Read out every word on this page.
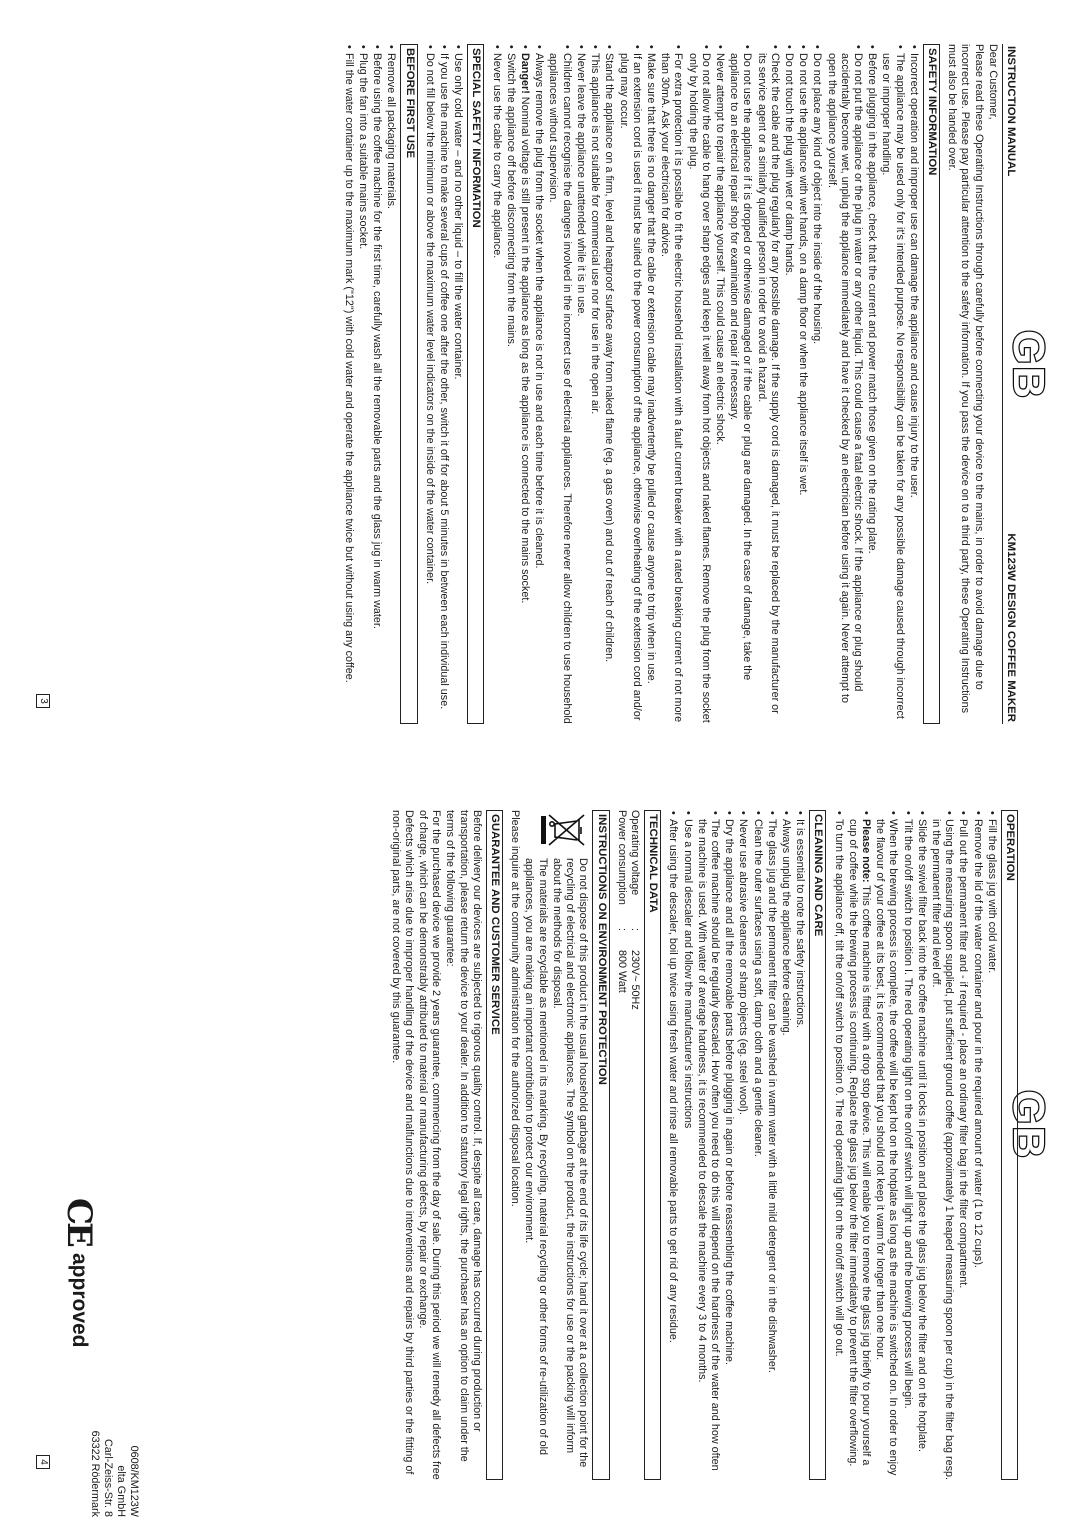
GB
GB
INSTRUCTION MANUAL
KM123W DESIGN COFFEE MAKER

Dear Customer,

Please read these Operating Instructions through carefully before connecting your device to the mains, in order to avoid damage due to incorrect use. Please pay particular attention to the safety information. If you pass the device on to a third party, these Operating Instructions must also be handed over.

SAFETY INFORMATION
• Incorrect operation and improper use can damage the appliance and cause injury to the user.
• The appliance may be used only for it's intended purpose. No responsibility can be taken for any possible damage caused through incorrect use or improper handling.
• Before plugging in the appliance, check that the current and power match those given on the rating plate.
• Do not put the appliance or the plug in water or any other liquid. This could cause a fatal electric shock. If the appliance or plug should accidentally become wet, unplug the appliance immediately and have it checked by an electrician before using it again. Never attempt to open the appliance yourself.
• Do not place any kind of object into the inside of the housing.
• Do not use the appliance with wet hands, on a damp floor or when the appliance itself is wet.
• Do not touch the plug with wet or damp hands.
• Check the cable and the plug regularly for any possible damage. If the supply cord is damaged, it must be replaced by the manufacturer or its service agent or a similarly qualified person in order to avoid a hazard.
• Do not use the appliance if it is dropped or otherwise damaged or if the cable or plug are damaged. In the case of damage, take the appliance to an electrical repair shop for examination and repair if necessary.
• Never attempt to repair the appliance yourself. This could cause an electric shock.
• Do not allow the cable to hang over sharp edges and keep it well away from hot objects and naked flames. Remove the plug from the socket only by holding the plug.
• For extra protection it is possible to fit the electric household installation with a fault current breaker with a rated breaking current of not more than 30mA. Ask your electrician for advice.
• Make sure that there is no danger that the cable or extension cable may inadvertently be pulled or cause anyone to trip when in use.
• If an extension cord is used it must be suited to the power consumption of the appliance, otherwise overheating of the extension cord and/or plug may occur.
• Stand the appliance on a firm, level and heatproof surface away from naked flame (eg. a gas oven) and out of reach of children.
• This appliance is not suitable for commercial use nor for use in the open air.
• Never leave the appliance unattended while it is in use.
• Children cannot recognise the dangers involved in the incorrect use of electrical appliances. Therefore never allow children to use household appliances without supervision.
• Always remove the plug from the socket when the appliance is not in use and each time before it is cleaned.
• Danger! Nominal voltage is still present in the appliance as long as the appliance is connected to the mains socket.
• Switch the appliance off before disconnecting from the mains.
• Never use the cable to carry the appliance.
SPECIAL SAFETY INFORMATION
• Use only cold water – and no other liquid – to fill the water container.
• If you use the machine to make several cups of coffee one after the other, switch it off for about 5 minutes in between each individual use.
• Do not fill below the minimum or above the maximum water level indicators on the inside of the water container.
BEFORE FIRST USE
• Remove all packaging materials.
• Before using the coffee machine for the first time, carefully wash all the removable parts and the glass jug in warm water.
• Plug the fan into a suitable mains socket.
• Fill the water container up to the maximum mark ("12") with cold water and operate the appliance twice but without using any coffee.
OPERATION
• Fill the glass jug with cold water.
• Remove the lid of the water container and pour in the required amount of water (1 to 12 cups).
• Pull out the permanent filter and - if required - place an ordinary filter bag in the filter compartment.
• Using the measuring spoon supplied, put sufficient ground coffee (approximately 1 heaped measuring spoon per cup) in the filter bag resp. in the permanent filter and level off.
• Slide the swivel filter back into the coffee machine until it locks in position and place the glass jug below the filter and on the hotplate.
• Tilt the on/off switch to position I. The red operating light on the on/off switch will light up and the brewing process will begin.
• When the brewing process is complete, the coffee will be kept hot on the hotplate as long as the machine is switched on. In order to enjoy the flavour of your coffee at its best, it is recommended that you should not keep it warm for longer than one hour.
• Please note: This coffee machine is fitted with a drop stop device. This will enable you to remove the glass jug briefly to pour yourself a cup of coffee while the brewing process is continuing. Replace the glass jug below the filter immediately to prevent the filter overflowing.
• To turn the appliance off, tilt the on/off switch to position 0. The red operating light on the on/off switch will go out.
CLEANING AND CARE
• It is essential to note the safety instructions.
• Always unplug the appliance before cleaning.
• The glass jug and the permanent filter can be washed in warm water with a little mild detergent or in the dishwasher.
• Clean the outer surfaces using a soft, damp cloth and a gentle cleaner.
• Never use abrasive cleaners or sharp objects (eg. steel wool).
• Dry the appliance and all the removable parts before plugging in again or before reassembling the coffee machine.
• The coffee machine should be regularly descaled. How often you need to do this will depend on the hardness of the water and how often the machine is used. With water of average hardness, it is recommended to descale the machine every 3 to 4 months.
• Use a normal descaler and follow the manufacturer's instructions
• After using the descaler, boil up twice using fresh water and rinse all removable parts to get rid of any residue.
TECHNICAL DATA
Operating voltage
:
230V~ 50Hz
Power consumption
:
800 Watt
INSTRUCTIONS ON ENVIRONMENT PROTECTION

Do not dispose of this product in the usual household garbage at the end of its life cycle; hand it over at a collection point for the recycling of electrical and electronic appliances. The symbol on the product, the instructions for use or the packing will inform about the methods for disposal.

The materials are recyclable as mentioned in its marking. By recycling, material recycling or other forms of re-utilization of old appliances, you are making an important contribution to protect our environment.

Please inquire at the community administration for the authorized disposal location.

GUARANTEE AND CUSTOMER SERVICE

Before delivery our devices are subjected to rigorous quality control. If, despite all care, damage has occurred during production or transportation, please return the device to your dealer. In addition to statutory legal rights, the purchaser has an option to claim under the terms of the following guarantee:

For the purchased device we provide 2 years guarantee, commencing from the day of sale. During this period we will remedy all defects free of charge, which can be demonstrably attributed to material or manufacturing defects, by repair or exchange.

Defects which arise due to improper handling of the device and malfunctions due to interventions and repairs by third parties or the fitting of non-original parts, are not covered by this guarantee.

CE
approved
0608/KM123W
elta GmbH
Carl-Zeiss-Str. 8
63322 Rödermark
3
4
